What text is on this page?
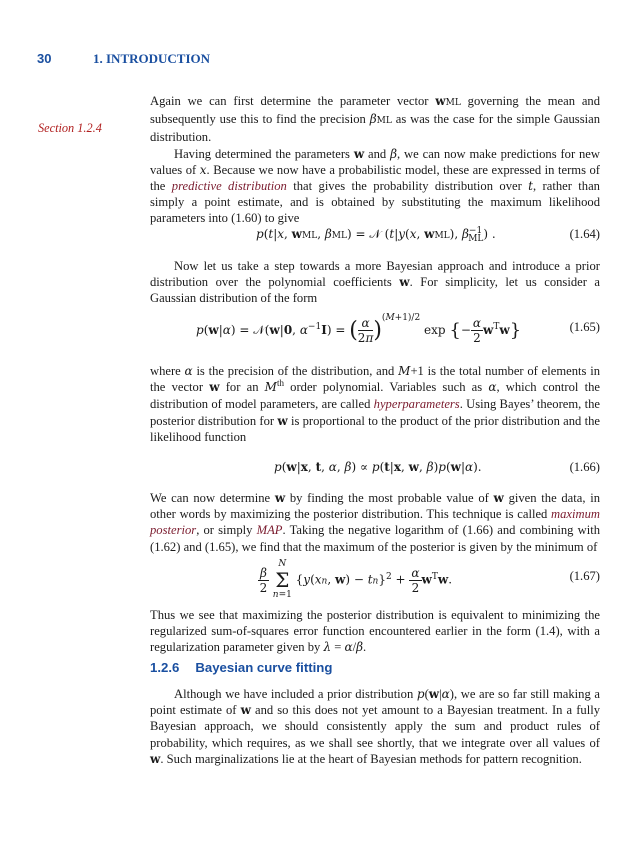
30	1. INTRODUCTION
Section 1.2.4

Again we can first determine the parameter vector wML governing the mean and subsequently use this to find the precision βML as was the case for the simple Gaussian distribution.

Having determined the parameters w and β, we can now make predictions for new values of x. Because we now have a probabilistic model, these are expressed in terms of the predictive distribution that gives the probability distribution over t, rather than simply a point estimate, and is obtained by substituting the maximum likelihood parameters into (1.60) to give

p(t|x, wML, βML) = 𝒩 (t|y(x, wML), $\beta^{-1}_{ML}$) .	(1.64)

Now let us take a step towards a more Bayesian approach and introduce a prior distribution over the polynomial coefficients w. For simplicity, let us consider a Gaussian distribution of the form

p(w|α) = 𝒩(w|0, $\alpha^{-1}I$) = ( $\frac{\alpha}{2\pi} )^{(M+1)/2}$ exp {− $\frac{\alpha}{2} w^Tw$}	(1.65)

where α is the precision of the distribution, and M+1 is the total number of elements in the vector w for an Mth order polynomial. Variables such as α, which control the distribution of model parameters, are called hyperparameters. Using Bayes’ theorem, the posterior distribution for w is proportional to the product of the prior distribution and the likelihood function

p(w|x, t, α, β) ∝ p(t|x, w, β)p(w|α).	(1.66)

We can now determine w by finding the most probable value of w given the data, in other words by maximizing the posterior distribution. This technique is called maximum posterior, or simply MAP. Taking the negative logarithm of (1.66) and combining with (1.62) and (1.65), we find that the maximum of the posterior is given by the minimum of

$\frac{\beta}{2}$

N
Σ
n=1
{y(xn, $w) - tn\}^2 + \frac{\alpha}{2} w^Tw$.	(1.67)

Thus we see that maximizing the posterior distribution is equivalent to minimizing the regularized sum-of-squares error function encountered earlier in the form (1.4), with a regularization parameter given by λ = α/β.

1.2.6 Bayesian curve fitting

Although we have included a prior distribution p(w|α), we are so far still making a point estimate of w and so this does not yet amount to a Bayesian treatment. In a fully Bayesian approach, we should consistently apply the sum and product rules of probability, which requires, as we shall see shortly, that we integrate over all values of w. Such marginalizations lie at the heart of Bayesian methods for pattern recognition.
